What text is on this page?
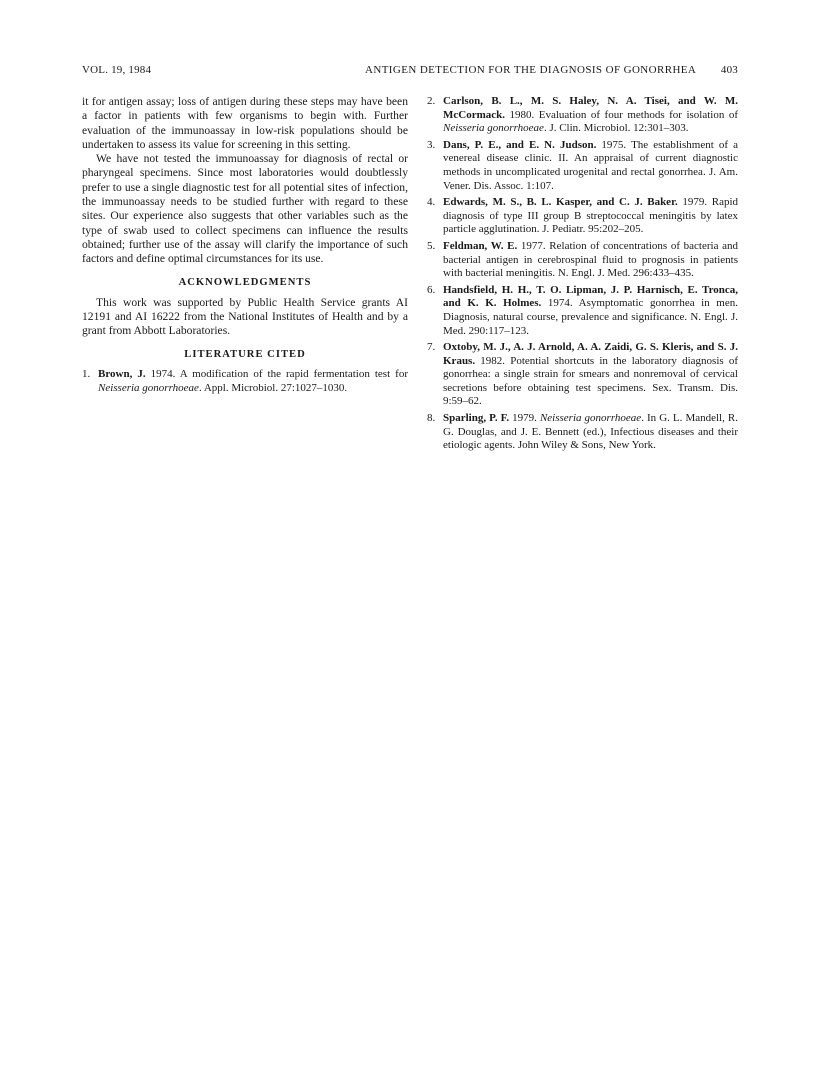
VOL. 19, 1984	ANTIGEN DETECTION FOR THE DIAGNOSIS OF GONORRHEA 403

it for antigen assay; loss of antigen during these steps may have been a factor in patients with few organisms to begin with. Further evaluation of the immunoassay in low-risk populations should be undertaken to assess its value for screening in this setting.

We have not tested the immunoassay for diagnosis of rectal or pharyngeal specimens. Since most laboratories would doubtlessly prefer to use a single diagnostic test for all potential sites of infection, the immunoassay needs to be studied further with regard to these sites. Our experience also suggests that other variables such as the type of swab used to collect specimens can influence the results obtained; further use of the assay will clarify the importance of such factors and define optimal circumstances for its use.

ACKNOWLEDGMENTS

This work was supported by Public Health Service grants AI 12191 and AI 16222 from the National Institutes of Health and by a grant from Abbott Laboratories.

LITERATURE CITED
1. Brown, J. 1974. A modification of the rapid fermentation test for Neisseria gonorrhoeae. Appl. Microbiol. 27:1027–1030.
2. Carlson, B. L., M. S. Haley, N. A. Tisei, and W. M. McCormack. 1980. Evaluation of four methods for isolation of Neisseria gonorrhoeae. J. Clin. Microbiol. 12:301–303.
3. Dans, P. E., and E. N. Judson. 1975. The establishment of a venereal disease clinic. II. An appraisal of current diagnostic methods in uncomplicated urogenital and rectal gonorrhea. J. Am. Vener. Dis. Assoc. 1:107.
4. Edwards, M. S., B. L. Kasper, and C. J. Baker. 1979. Rapid diagnosis of type III group B streptococcal meningitis by latex particle agglutination. J. Pediatr. 95:202–205.
5. Feldman, W. E. 1977. Relation of concentrations of bacteria and bacterial antigen in cerebrospinal fluid to prognosis in patients with bacterial meningitis. N. Engl. J. Med. 296:433–435.
6. Handsfield, H. H., T. O. Lipman, J. P. Harnisch, E. Tronca, and K. K. Holmes. 1974. Asymptomatic gonorrhea in men. Diagnosis, natural course, prevalence and significance. N. Engl. J. Med. 290:117–123.
7. Oxtoby, M. J., A. J. Arnold, A. A. Zaidi, G. S. Kleris, and S. J. Kraus. 1982. Potential shortcuts in the laboratory diagnosis of gonorrhea: a single strain for smears and nonremoval of cervical secretions before obtaining test specimens. Sex. Transm. Dis. 9:59–62.
8. Sparling, P. F. 1979. Neisseria gonorrhoeae. In G. L. Mandell, R. G. Douglas, and J. E. Bennett (ed.), Infectious diseases and their etiologic agents. John Wiley & Sons, New York.
